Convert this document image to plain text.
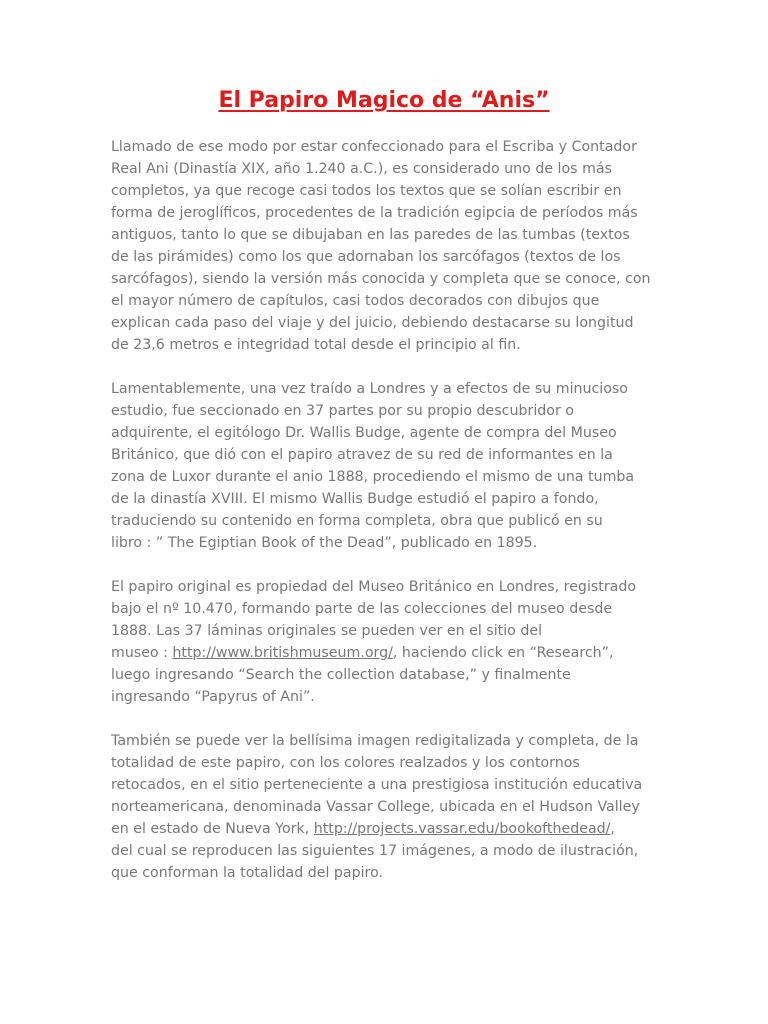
El Papiro Magico de “Anis”

Llamado de ese modo por estar confeccionado para el Escriba y Contador
Real Ani (Dinastía XIX, año 1.240 a.C.), es considerado uno de los más
completos, ya que recoge casi todos los textos que se solían escribir en
forma de jeroglíficos, procedentes de la tradición egipcia de períodos más
antiguos, tanto lo que se dibujaban en las paredes de las tumbas (textos
de las pirámides) como los que adornaban los sarcófagos (textos de los
sarcófagos), siendo la versión más conocida y completa que se conoce, con
el mayor número de capítulos, casi todos decorados con dibujos que
explican cada paso del viaje y del juicio, debiendo destacarse su longitud
de 23,6 metros e integridad total desde el principio al fin.

Lamentablemente, una vez traído a Londres y a efectos de su minucioso
estudio, fue seccionado en 37 partes por su propio descubridor o
adquirente, el egitólogo Dr. Wallis Budge, agente de compra del Museo
Británico, que dió con el papiro atravez de su red de informantes en la
zona de Luxor durante el anio 1888, procediendo el mismo de una tumba
de la dinastía XVIII. El mismo Wallis Budge estudió el papiro a fondo,
traduciendo su contenido en forma completa, obra que publicó en su
libro : ” The Egiptian Book of the Dead”, publicado en 1895.

El papiro original es propiedad del Museo Británico en Londres, registrado
bajo el nº 10.470, formando parte de las colecciones del museo desde
1888. Las 37 láminas originales se pueden ver en el sitio del
museo : http://www.britishmuseum.org/, haciendo click en “Research”,
luego ingresando “Search the collection database,” y finalmente
ingresando “Papyrus of Ani”.

También se puede ver la bellísima imagen redigitalizada y completa, de la
totalidad de este papiro, con los colores realzados y los contornos
retocados, en el sitio perteneciente a una prestigiosa institución educativa
norteamericana, denominada Vassar College, ubicada en el Hudson Valley
en el estado de Nueva York, http://projects.vassar.edu/bookofthedead/,
del cual se reproducen las siguientes 17 imágenes, a modo de ilustración,
que conforman la totalidad del papiro.
